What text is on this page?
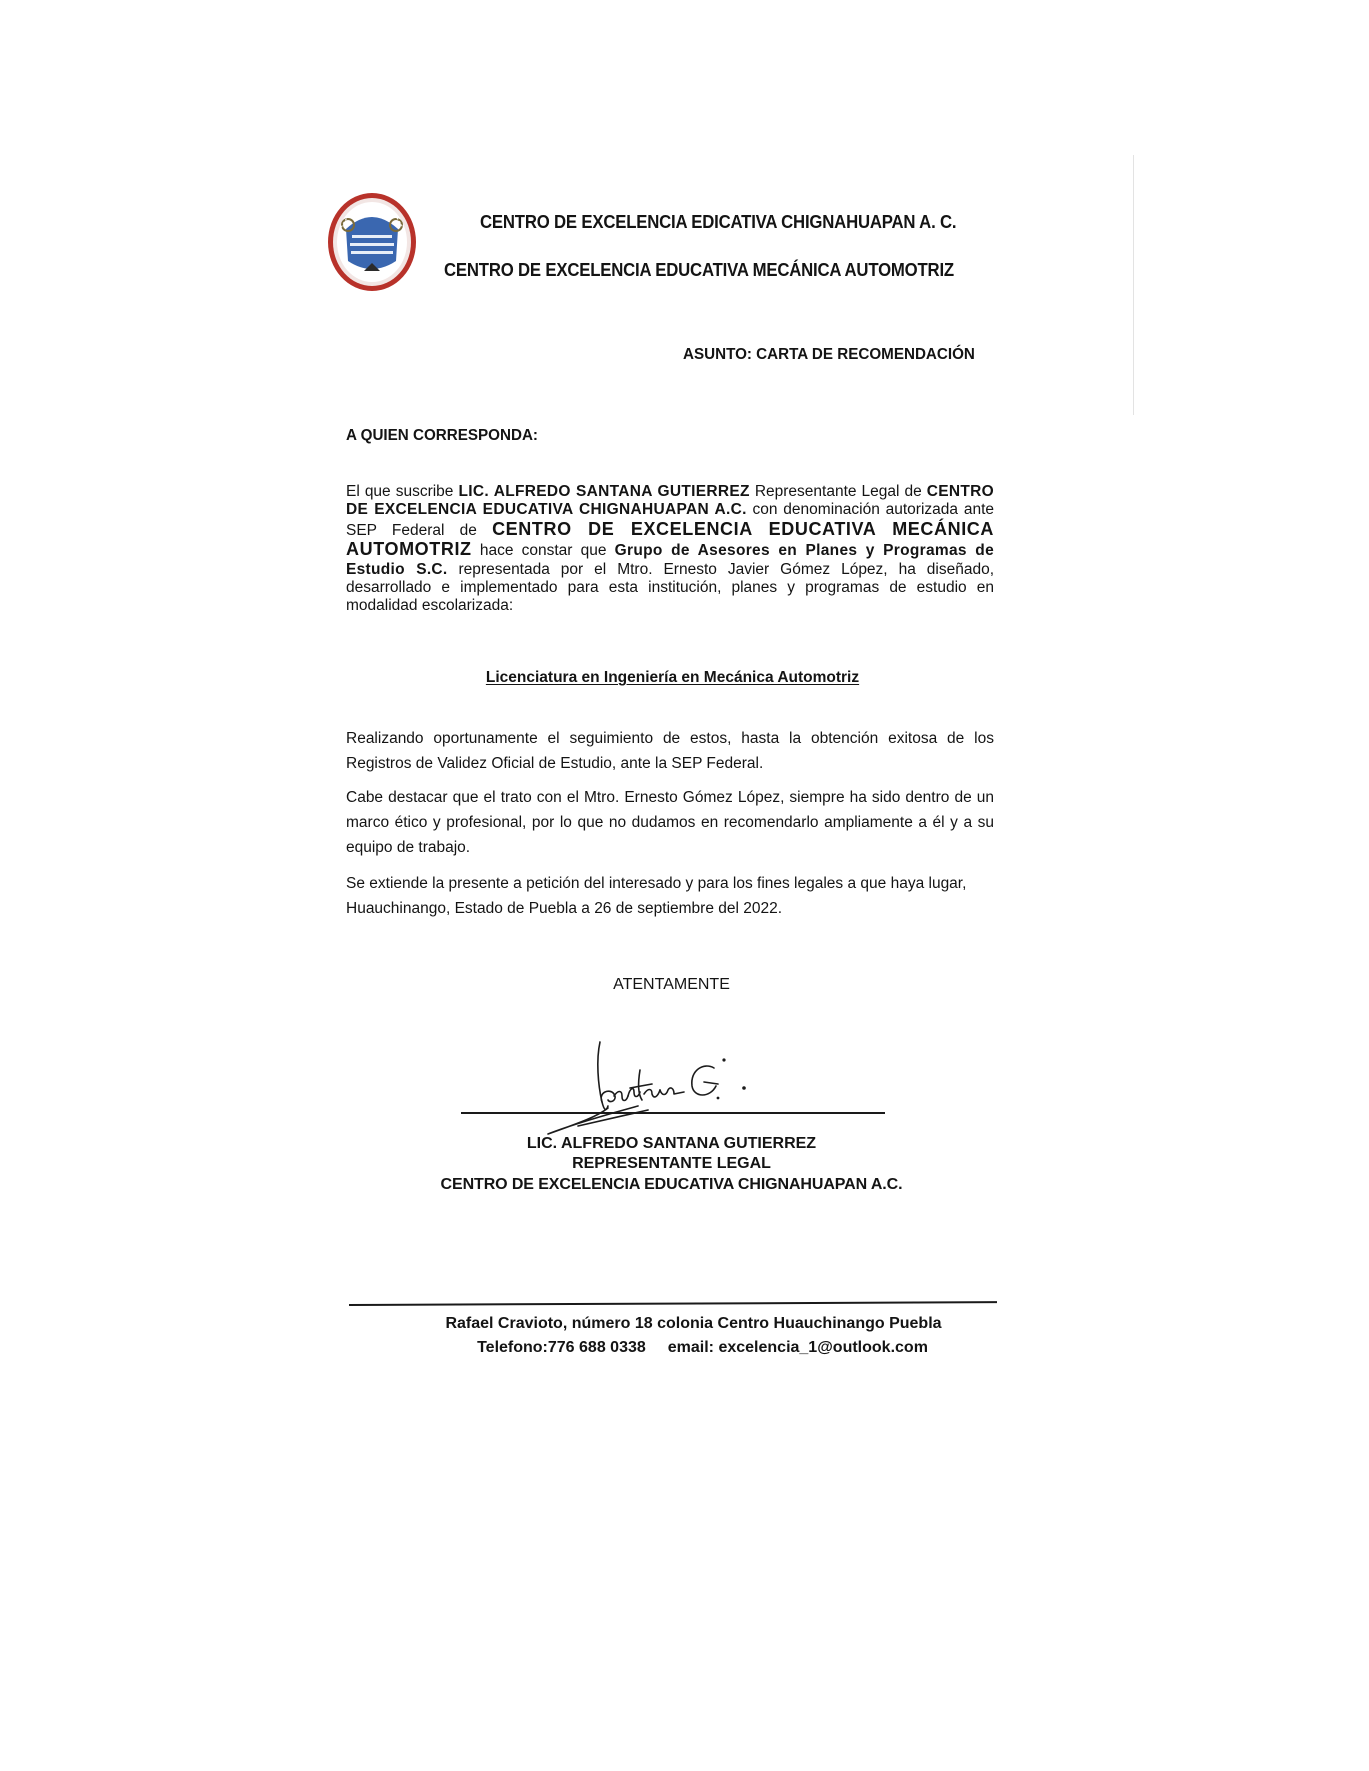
CENTRO DE EXCELENCIA EDICATIVA CHIGNAHUAPAN A. C.
CENTRO DE EXCELENCIA EDUCATIVA MECÁNICA AUTOMOTRIZ
ASUNTO: CARTA DE RECOMENDACIÓN
A QUIEN CORRESPONDA:
El que suscribe LIC. ALFREDO SANTANA GUTIERREZ Representante Legal de CENTRO DE EXCELENCIA EDUCATIVA CHIGNAHUAPAN A.C. con denominación autorizada ante SEP Federal de CENTRO DE EXCELENCIA EDUCATIVA MECÁNICA AUTOMOTRIZ hace constar que Grupo de Asesores en Planes y Programas de Estudio S.C. representada por el Mtro. Ernesto Javier Gómez López, ha diseñado, desarrollado e implementado para esta institución, planes y programas de estudio en modalidad escolarizada:
Licenciatura en Ingeniería en Mecánica Automotriz
Realizando oportunamente el seguimiento de estos, hasta la obtención exitosa de los Registros de Validez Oficial de Estudio, ante la SEP Federal.
Cabe destacar que el trato con el Mtro. Ernesto Gómez López, siempre ha sido dentro de un marco ético y profesional, por lo que no dudamos en recomendarlo ampliamente a él y a su equipo de trabajo.
Se extiende la presente a petición del interesado y para los fines legales a que haya lugar,
Huauchinango, Estado de Puebla a 26 de septiembre del 2022.
ATENTAMENTE
LIC. ALFREDO SANTANA GUTIERREZ
REPRESENTANTE LEGAL
CENTRO DE EXCELENCIA EDUCATIVA CHIGNAHUAPAN A.C.
Rafael Cravioto, número 18 colonia Centro Huauchinango Puebla
Telefono:776 688 0338 email: excelencia_1@outlook.com
